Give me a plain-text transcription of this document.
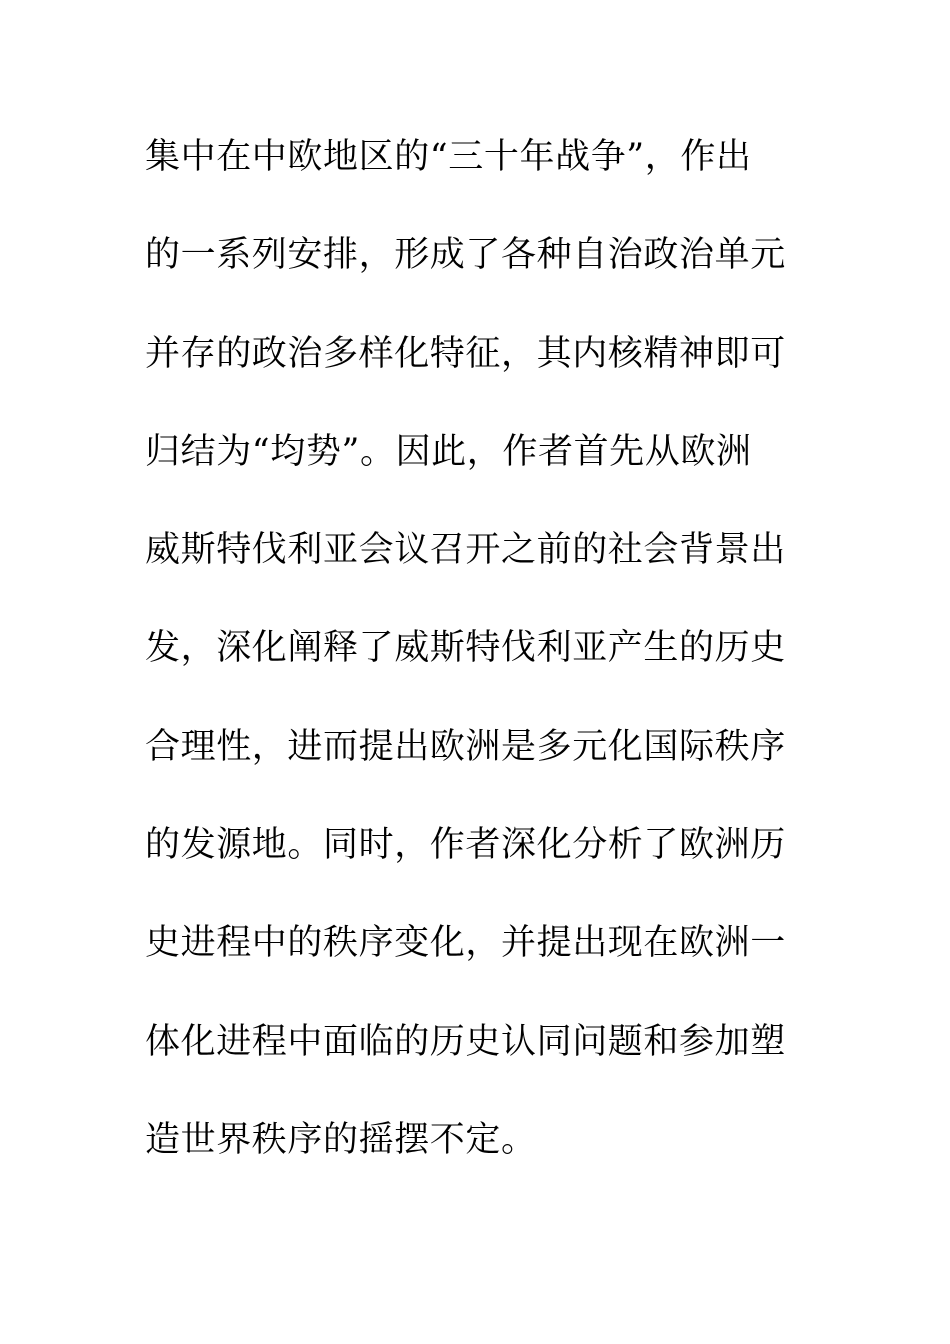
集中在中欧地区的“三十年战争”，作出
的一系列安排，形成了各种自治政治单元
并存的政治多样化特征，其内核精神即可
归结为“均势”。因此，作者首先从欧洲
威斯特伐利亚会议召开之前的社会背景出
发，深化阐释了威斯特伐利亚产生的历史
合理性，进而提出欧洲是多元化国际秩序
的发源地。同时，作者深化分析了欧洲历
史进程中的秩序变化，并提出现在欧洲一
体化进程中面临的历史认同问题和参加塑
造世界秩序的摇摆不定。
